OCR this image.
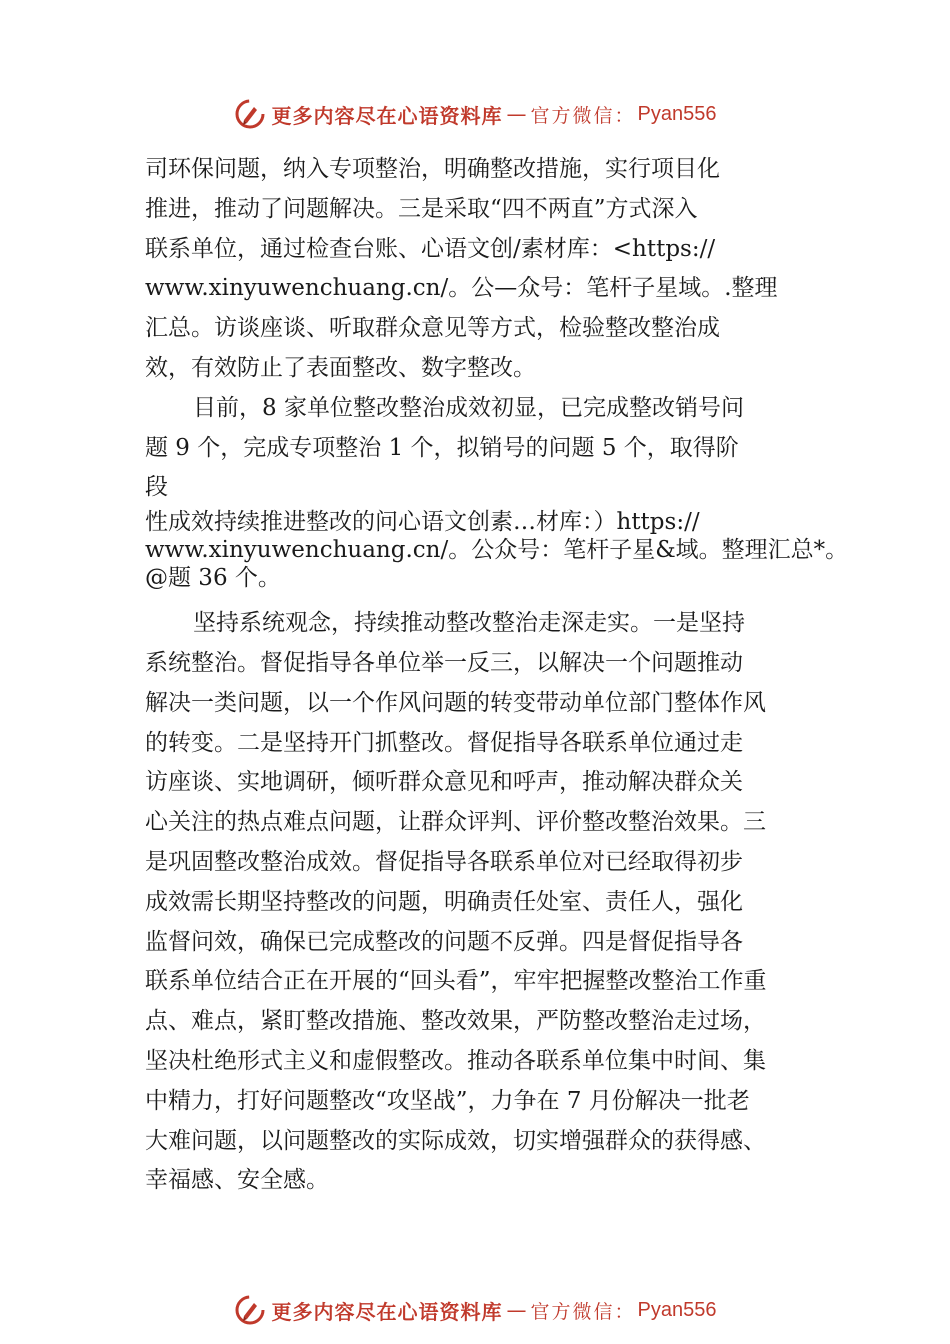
更多内容尽在心语资料库 — 官方微信： Pyan556
司环保问题，纳入专项整治，明确整改措施，实行项目化
推进，推动了问题解决。三是采取“四不两直”方式深入
联系单位，通过检查台账、心语文创/素材库：<https://
www.xinyuwenchuang.cn/。公—众号：笔杆子星域。.整理
汇总。访谈座谈、听取群众意见等方式，检验整改整治成
效，有效防止了表面整改、数字整改。
目前，8 家单位整改整治成效初显，已完成整改销号问
题 9 个，完成专项整治 1 个，拟销号的问题 5 个，取得阶
段
性成效持续推进整改的问心语文创素…材库：）https://
www.xinyuwenchuang.cn/。公众号：笔杆子星&域。整理汇总*。
@题 36 个。
坚持系统观念，持续推动整改整治走深走实。一是坚持
系统整治。督促指导各单位举一反三，以解决一个问题推动
解决一类问题，以一个作风问题的转变带动单位部门整体作风
的转变。二是坚持开门抓整改。督促指导各联系单位通过走
访座谈、实地调研，倾听群众意见和呼声，推动解决群众关
心关注的热点难点问题，让群众评判、评价整改整治效果。三
是巩固整改整治成效。督促指导各联系单位对已经取得初步
成效需长期坚持整改的问题，明确责任处室、责任人，强化
监督问效，确保已完成整改的问题不反弹。四是督促指导各
联系单位结合正在开展的“回头看”，牢牢把握整改整治工作重
点、难点，紧盯整改措施、整改效果，严防整改整治走过场，
坚决杜绝形式主义和虚假整改。推动各联系单位集中时间、集
中精力，打好问题整改“攻坚战”，力争在 7 月份解决一批老
大难问题，以问题整改的实际成效，切实增强群众的获得感、
幸福感、安全感。
更多内容尽在心语资料库 — 官方微信： Pyan556
